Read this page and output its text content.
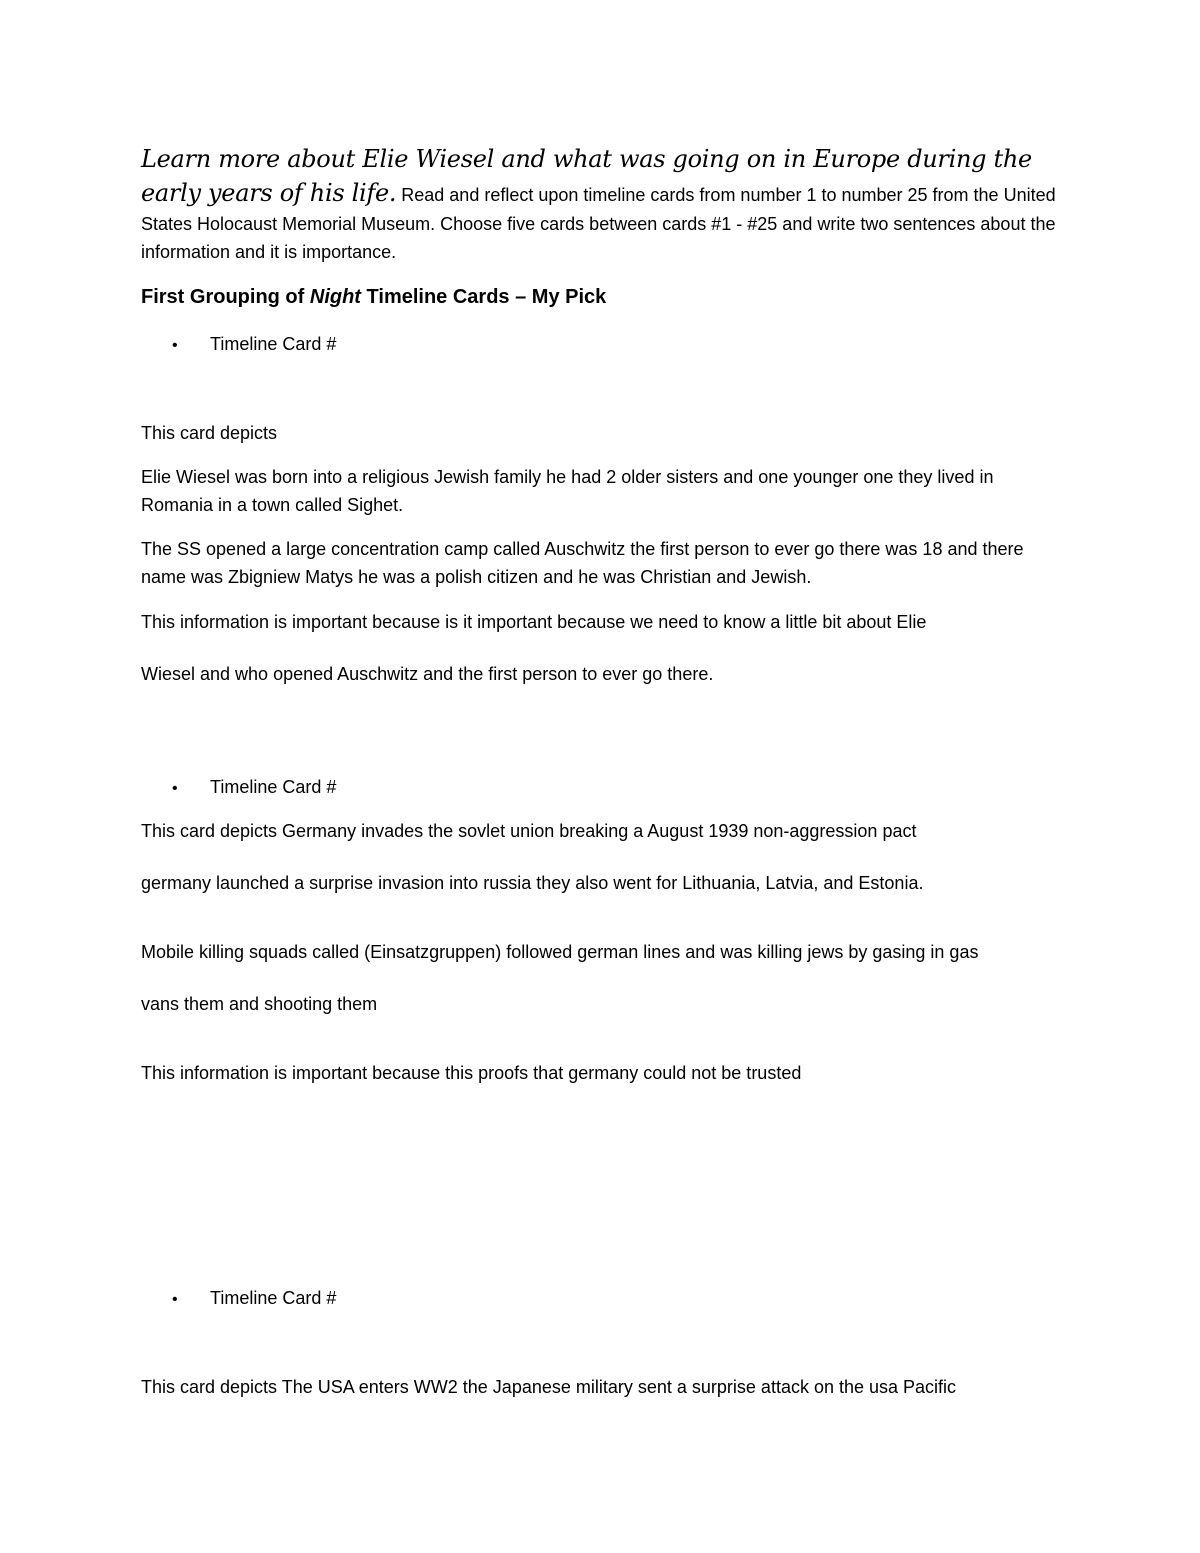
Learn more about Elie Wiesel and what was going on in Europe during the early years of his life. Read and reflect upon timeline cards from number 1 to number 25 from the United States Holocaust Memorial Museum. Choose five cards between cards #1 - #25 and write two sentences about the information and it is importance.

First Grouping of Night Timeline Cards – My Pick

• Timeline Card #

This card depicts

Elie Wiesel was born into a religious Jewish family he had 2 older sisters and one younger one they lived in Romania in a town called Sighet.

The SS opened a large concentration camp called Auschwitz the first person to ever go there was 18 and there name was Zbigniew Matys he was a polish citizen and he was Christian and Jewish.

This information is important because is it important because we need to know a little bit about Elie

Wiesel and who opened Auschwitz and the first person to ever go there.

• Timeline Card #

This card depicts Germany invades the sovlet union breaking a August 1939 non-aggression pact

germany launched a surprise invasion into russia they also went for Lithuania, Latvia, and Estonia.

Mobile killing squads called (Einsatzgruppen) followed german lines and was killing jews by gasing in gas

vans them and shooting them

This information is important because this proofs that germany could not be trusted

• Timeline Card #

This card depicts The USA enters WW2 the Japanese military sent a surprise attack on the usa Pacific
